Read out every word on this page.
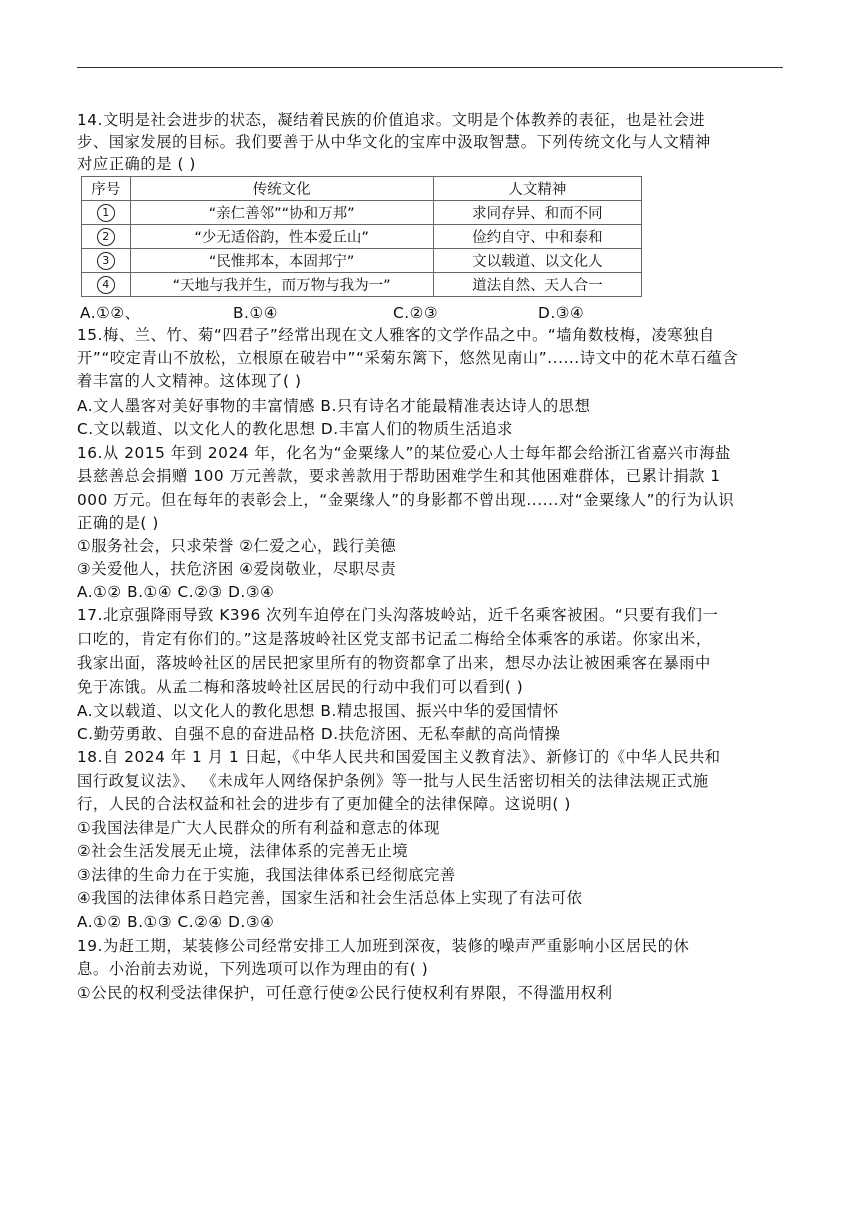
14.文明是社会进步的状态，凝结着民族的价值追求。文明是个体教养的表征，也是社会进
步、国家发展的目标。我们要善于从中华文化的宝库中汲取智慧。下列传统文化与人文精神
对应正确的是 ( )
序号	传统文化	人文精神
1	“亲仁善邻”“协和万邦”	求同存异、和而不同
2	“少无适俗韵，性本爱丘山”	俭约自守、中和泰和
3	“民惟邦本，本固邦宁”	文以载道、以文化人
4	“天地与我并生，而万物与我为一”	道法自然、天人合一
A.①②、	B.①④	C.②③	D.③④
15.梅、兰、竹、菊“四君子”经常出现在文人雅客的文学作品之中。“墙角数枝梅，凌寒独自
开”“咬定青山不放松，立根原在破岩中”“采菊东篱下，悠然见南山”......诗文中的花木草石蕴含
着丰富的人文精神。这体现了( )
A.文人墨客对美好事物的丰富情感 B.只有诗名才能最精准表达诗人的思想
C.文以载道、以文化人的教化思想 D.丰富人们的物质生活追求
16.从 2015 年到 2024 年，化名为“金粟缘人”的某位爱心人士每年都会给浙江省嘉兴市海盐
县慈善总会捐赠 100 万元善款，要求善款用于帮助困难学生和其他困难群体，已累计捐款 1
000 万元。但在每年的表彰会上，“金粟缘人”的身影都不曾出现......对“金粟缘人”的行为认识
正确的是( )
①服务社会，只求荣誉 ②仁爱之心，践行美德
③关爱他人，扶危济困 ④爱岗敬业，尽职尽责
A.①② B.①④ C.②③ D.③④
17.北京强降雨导致 K396 次列车迫停在门头沟落坡岭站，近千名乘客被困。“只要有我们一
口吃的，肯定有你们的。”这是落坡岭社区党支部书记孟二梅给全体乘客的承诺。你家出米，
我家出面，落坡岭社区的居民把家里所有的物资都拿了出来，想尽办法让被困乘客在暴雨中
免于冻饿。从孟二梅和落坡岭社区居民的行动中我们可以看到( )
A.文以载道、以文化人的教化思想 B.精忠报国、振兴中华的爱国情怀
C.勤劳勇敢、自强不息的奋进品格 D.扶危济困、无私奉献的高尚情操
18.自 2024 年 1 月 1 日起，《中华人民共和国爱国主义教育法》、新修订的《中华人民共和
国行政复议法》、 《未成年人网络保护条例》等一批与人民生活密切相关的法律法规正式施
行，人民的合法权益和社会的进步有了更加健全的法律保障。这说明( )
①我国法律是广大人民群众的所有利益和意志的体现
②社会生活发展无止境，法律体系的完善无止境
③法律的生命力在于实施，我国法律体系已经彻底完善
④我国的法律体系日趋完善，国家生活和社会生活总体上实现了有法可依
A.①② B.①③ C.②④ D.③④
19.为赶工期，某装修公司经常安排工人加班到深夜，装修的噪声严重影响小区居民的休
息。小治前去劝说，下列选项可以作为理由的有( )
①公民的权利受法律保护，可任意行使②公民行使权利有界限，不得滥用权利
